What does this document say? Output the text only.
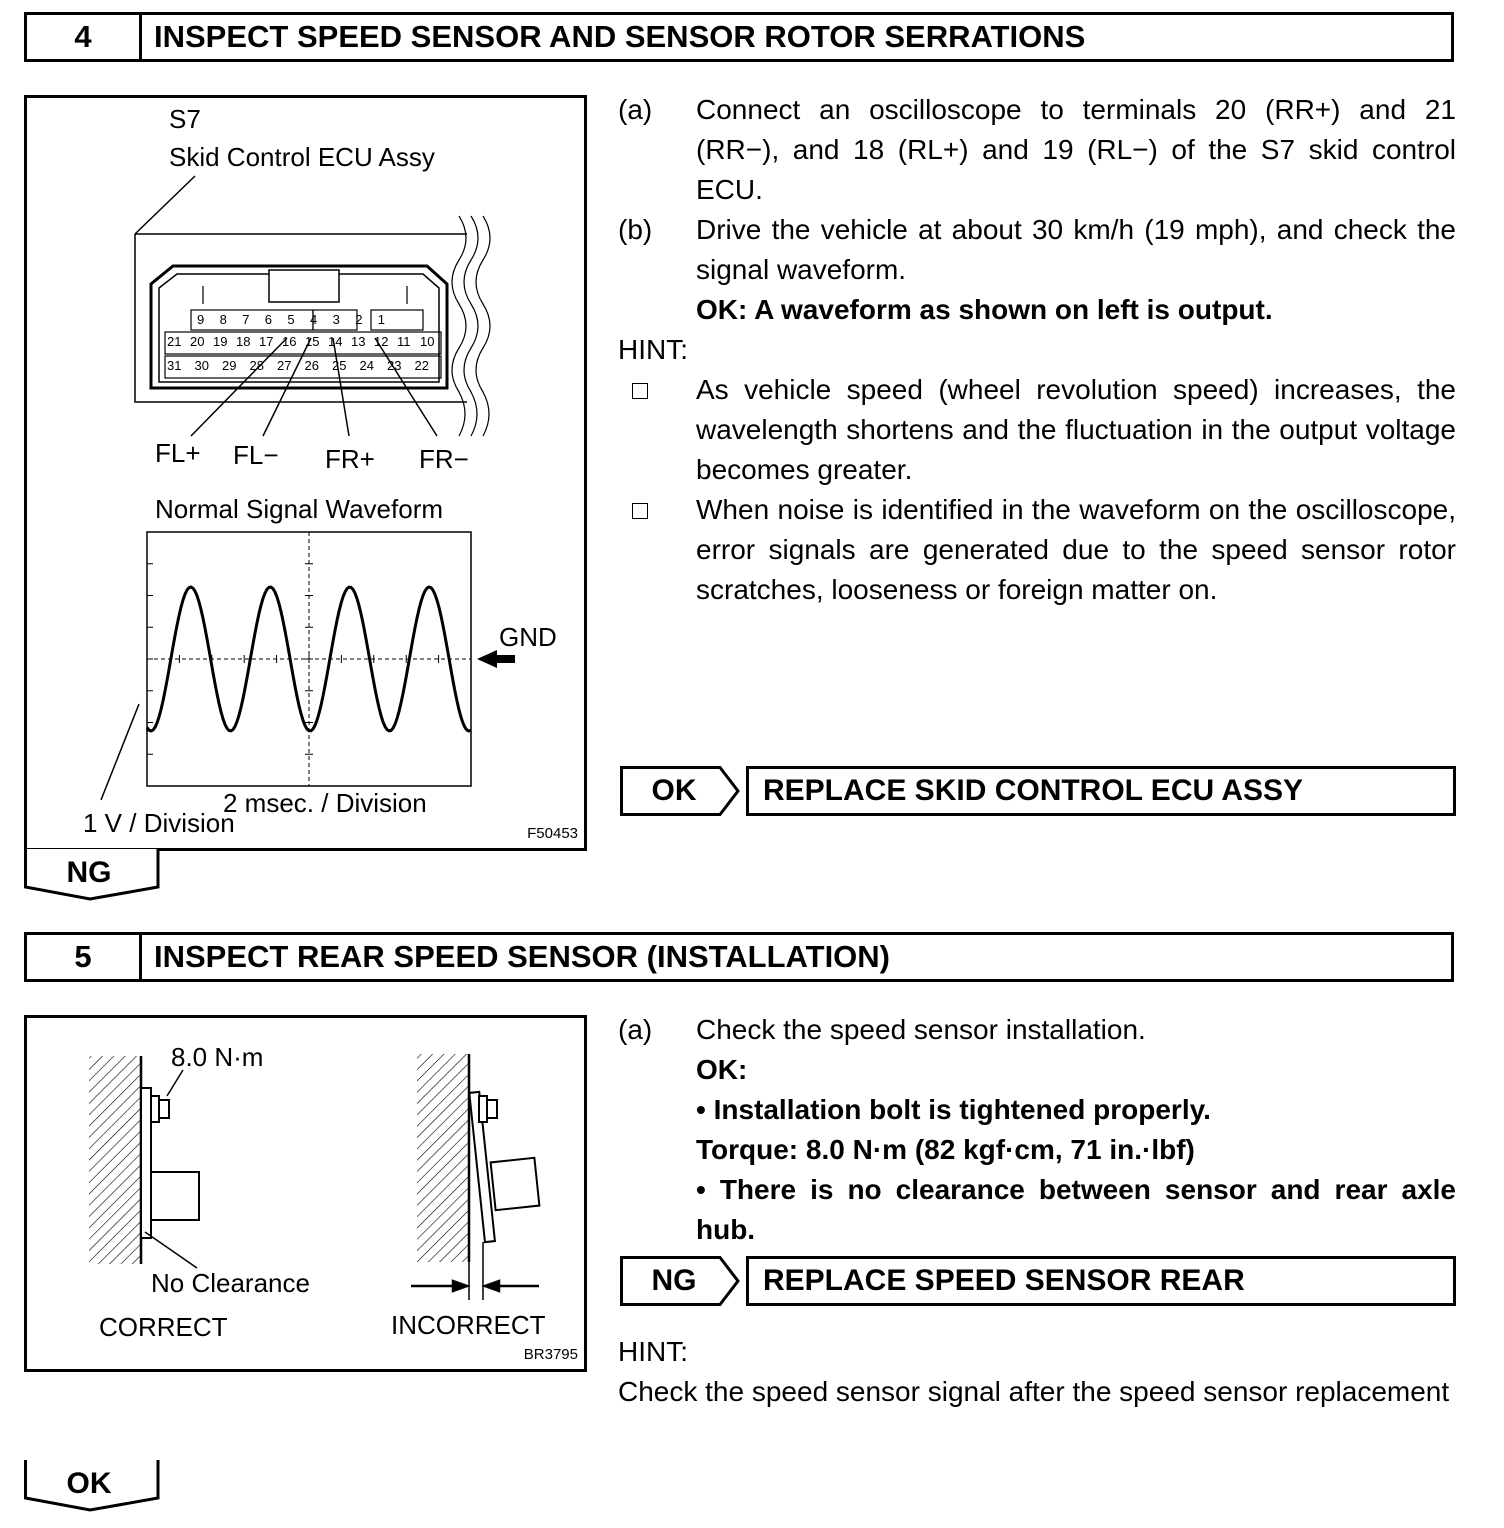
4	INSPECT SPEED SENSOR AND SENSOR ROTOR SERRATIONS
S7
Skid Control ECU Assy
9 8 7 6 5 4 3 2 1
21 20 19 18 17 16 15 14 13 12 11 10
31 30 29 28 27 26 25 24 23 22
FL+ FL− FR+ FR−
Normal Signal Waveform
GND
2 msec. / Division
1 V / Division	F50453
(a) Connect an oscilloscope to terminals 20 (RR+) and 21 (RR−), and 18 (RL+) and 19 (RL−) of the S7 skid control ECU.
(b) Drive the vehicle at about 30 km/h (19 mph), and check the signal waveform.
OK: A waveform as shown on left is output.
HINT:
As vehicle speed (wheel revolution speed) increases, the wavelength shortens and the fluctuation in the output voltage becomes greater.
When noise is identified in the waveform on the oscilloscope, error signals are generated due to the speed sensor rotor scratches, looseness or foreign matter on.
OK	REPLACE SKID CONTROL ECU ASSY
NG
5	INSPECT REAR SPEED SENSOR (INSTALLATION)
8.0 N·m
No Clearance
CORRECT	INCORRECT
BR3795
(a) Check the speed sensor installation.
OK:
• Installation bolt is tightened properly.
Torque: 8.0 N·m (82 kgf·cm, 71 in.·lbf)
• There is no clearance between sensor and rear axle hub.
NG	REPLACE SPEED SENSOR REAR
HINT:
Check the speed sensor signal after the speed sensor replacement
OK
